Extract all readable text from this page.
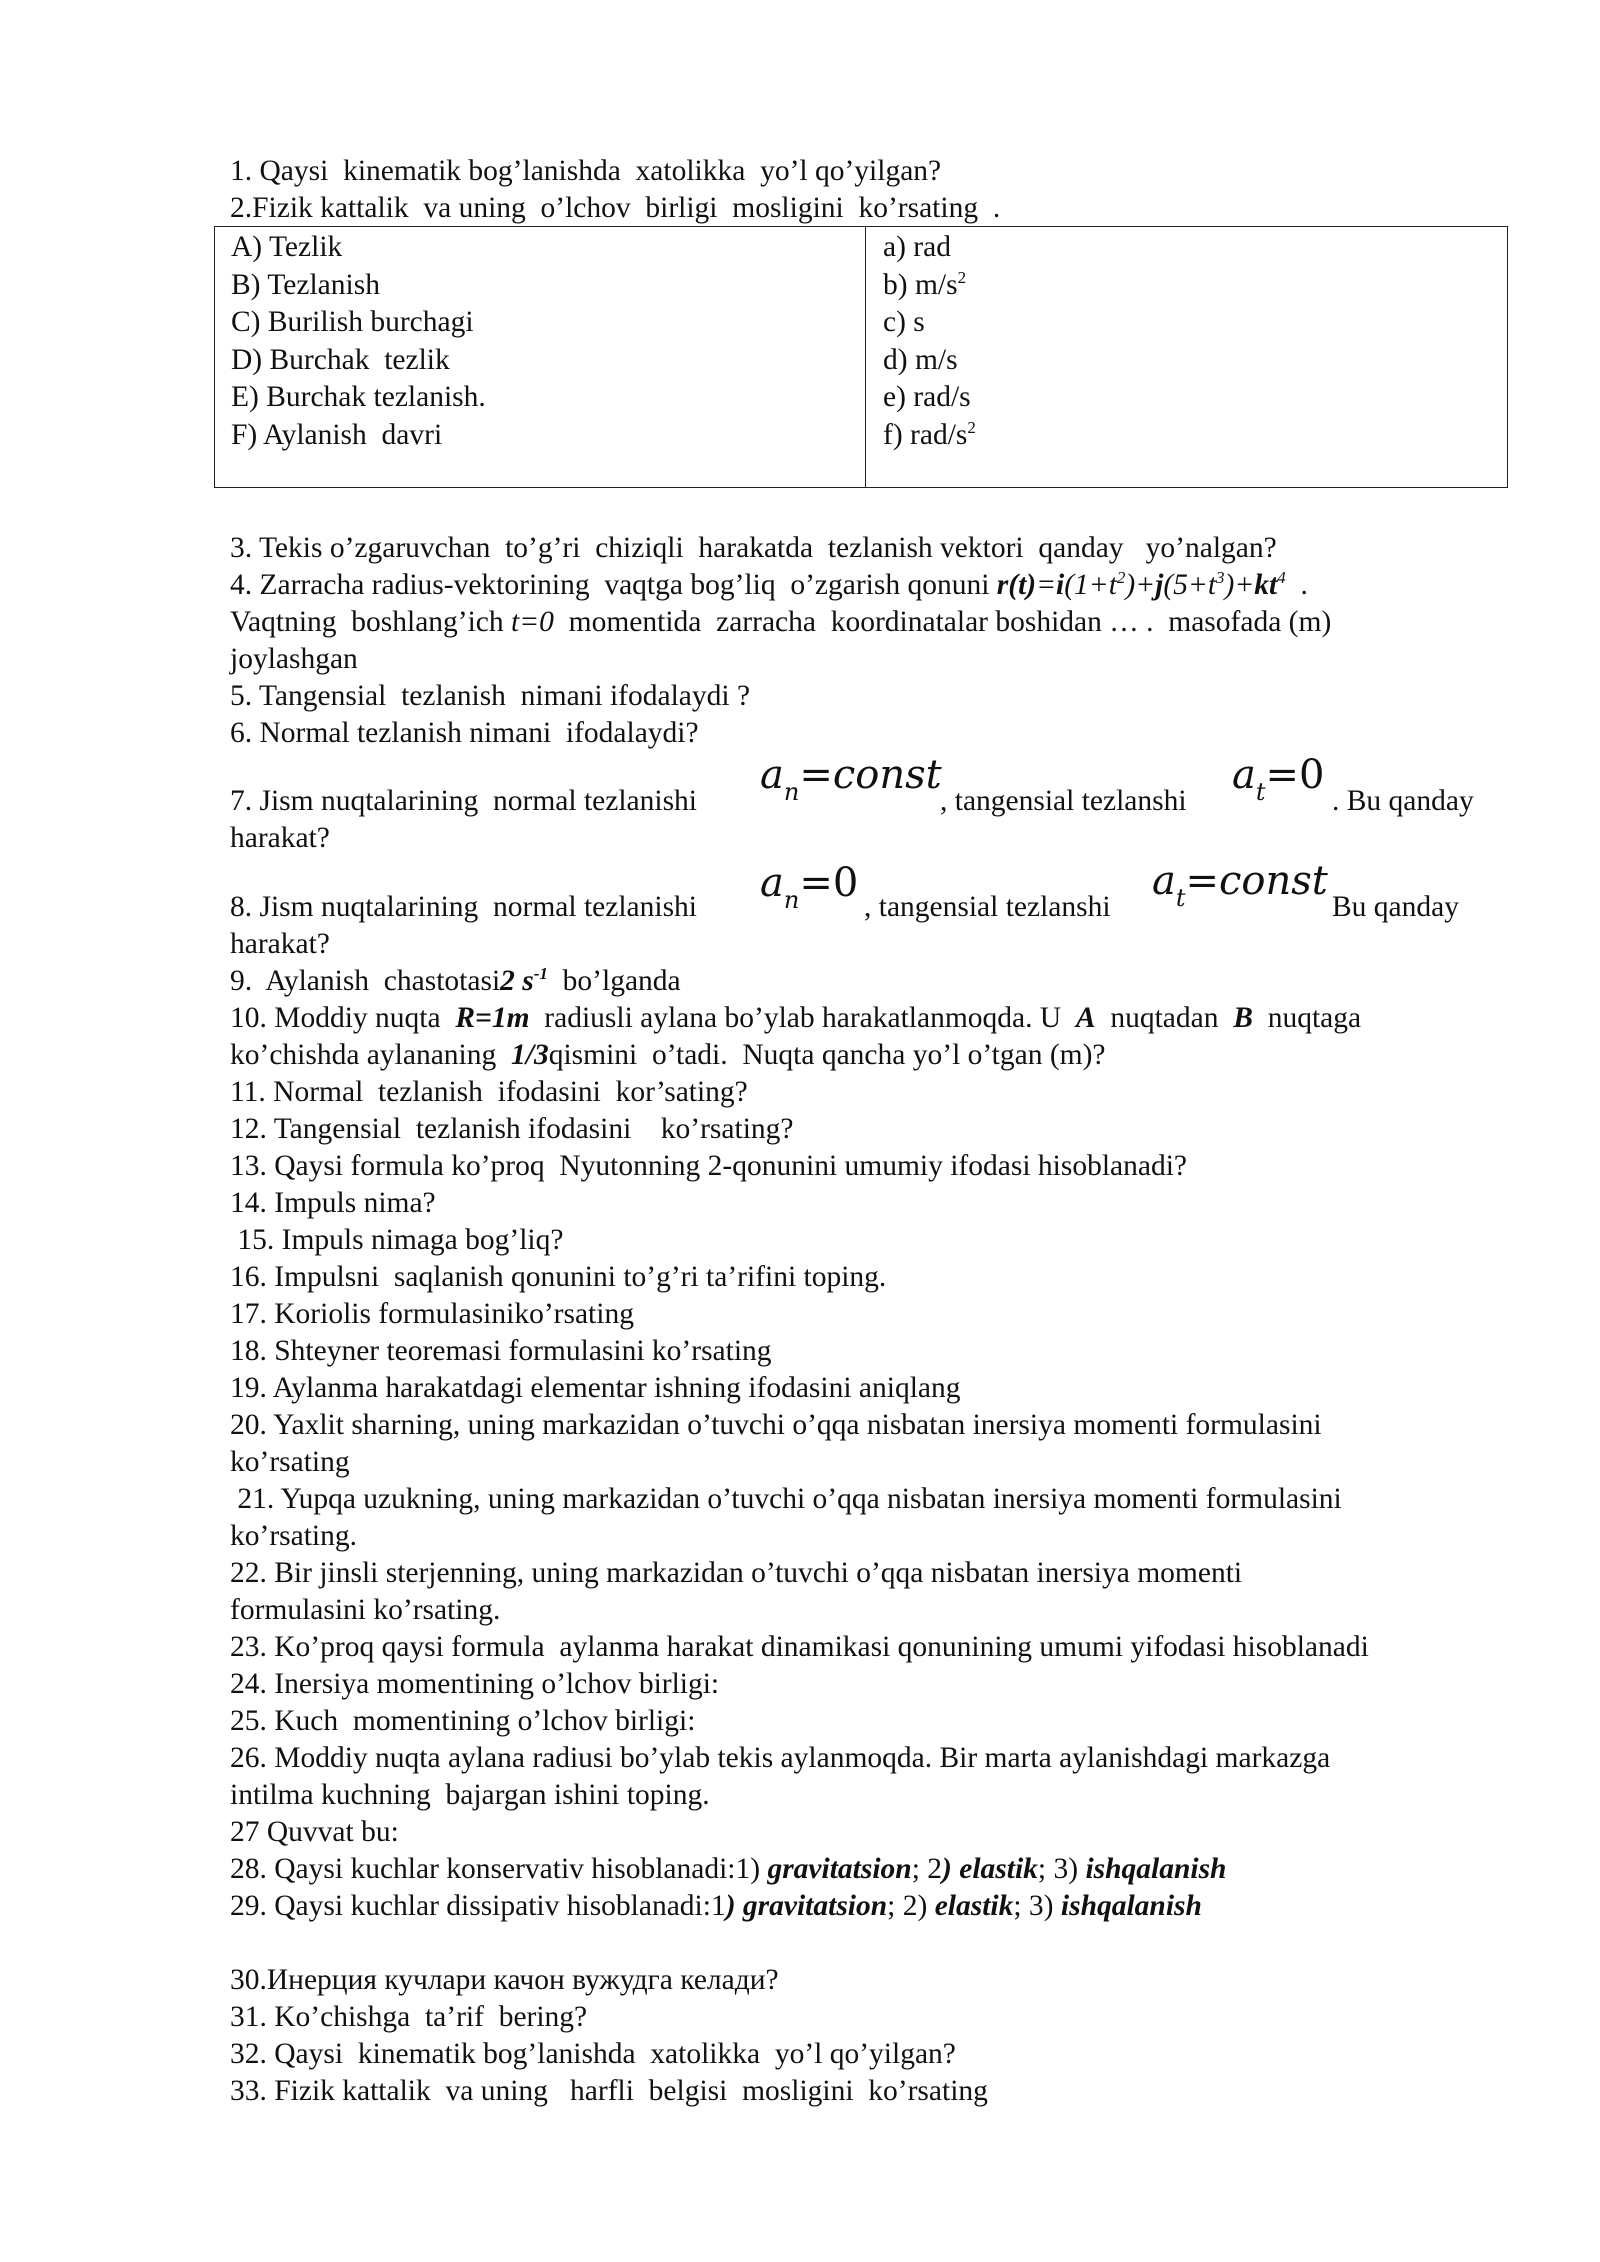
1. Qaysi  kinematik bog’lanishda  xatolikka  yo’l qo’yilgan?
2.Fizik kattalik  va uning  o’lchov  birligi  mosligini  ko’rsating  .
A) Tezlik
B) Tezlanish
C) Burilish burchagi
D) Burchak  tezlik
E) Burchak tezlanish.
F) Aylanish  davri
a) rad
b) $m/s^2$
c) s
d) m/s
e) rad/s
f) rad/$s^2$
3. Tekis o’zgaruvchan  to’g’ri  chiziqli  harakatda  tezlanish vektori  qanday   yo’nalgan?
4. Zarracha radius-vektorining  vaqtga bog’liq  o’zgarish qonuni $r(t)=i(1+t^2)+j(5+t^3)+kt^4$  .
Vaqtning  boshlang’ich t=0  momentida  zarracha  koordinatalar boshidan … .  masofada (m)
joylashgan
5. Tangensial  tezlanish  nimani ifodalaydi ?
6. Normal tezlanish nimani  ifodalaydi?
7. Jism nuqtalarining  normal tezlanishi
$a_n=const$
, tangensial tezlanshi
$a_t=0$
. Bu qanday
harakat?
8. Jism nuqtalarining  normal tezlanishi
$a_n=0$
, tangensial tezlanshi
$a_t=const$
Bu qanday
harakat?
9.  Aylanish  chastotasi2 $s^{-1}$  bo’lganda
10. Moddiy nuqta  R=1m  radiusli aylana bo’ylab harakatlanmoqda. U  A  nuqtadan  B  nuqtaga
ko’chishda aylananing  1/3qismini  o’tadi.  Nuqta qancha yo’l o’tgan (m)?
11. Normal  tezlanish  ifodasini  kor’sating?
12. Tangensial  tezlanish ifodasini    ko’rsating?
13. Qaysi formula ko’proq  Nyutonning 2-qonunini umumiy ifodasi hisoblanadi?
14. Impuls nima?
15. Impuls nimaga bog’liq?
16. Impulsni  saqlanish qonunini to’g’ri ta’rifini toping.
17. Koriolis formulasiniko’rsating
18. Shteyner teoremasi formulasini ko’rsating
19. Aylanma harakatdagi elementar ishning ifodasini aniqlang
20. Yaxlit sharning, uning markazidan o’tuvchi o’qqa nisbatan inersiya momenti formulasini
ko’rsating
21. Yupqa uzukning, uning markazidan o’tuvchi o’qqa nisbatan inersiya momenti formulasini
ko’rsating.
22. Bir jinsli sterjenning, uning markazidan o’tuvchi o’qqa nisbatan inersiya momenti
formulasini ko’rsating.
23. Ko’proq qaysi formula  aylanma harakat dinamikasi qonunining umumi yifodasi hisoblanadi
24. Inersiya momentining o’lchov birligi:
25. Kuch  momentining o’lchov birligi:
26. Moddiy nuqta aylana radiusi bo’ylab tekis aylanmoqda. Bir marta aylanishdagi markazga
intilma kuchning  bajargan ishini toping.
27 Quvvat bu:
28. Qaysi kuchlar konservativ hisoblanadi:1) gravitatsion; 2) elastik; 3) ishqalanish
29. Qaysi kuchlar dissipativ hisoblanadi:1) gravitatsion; 2) elastik; 3) ishqalanish
30.Инерция кучлари качон вужудга келади?
31. Ko’chishga  ta’rif  bering?
32. Qaysi  kinematik bog’lanishda  xatolikka  yo’l qo’yilgan?
33. Fizik kattalik  va uning   harfli  belgisi  mosligini  ko’rsating
